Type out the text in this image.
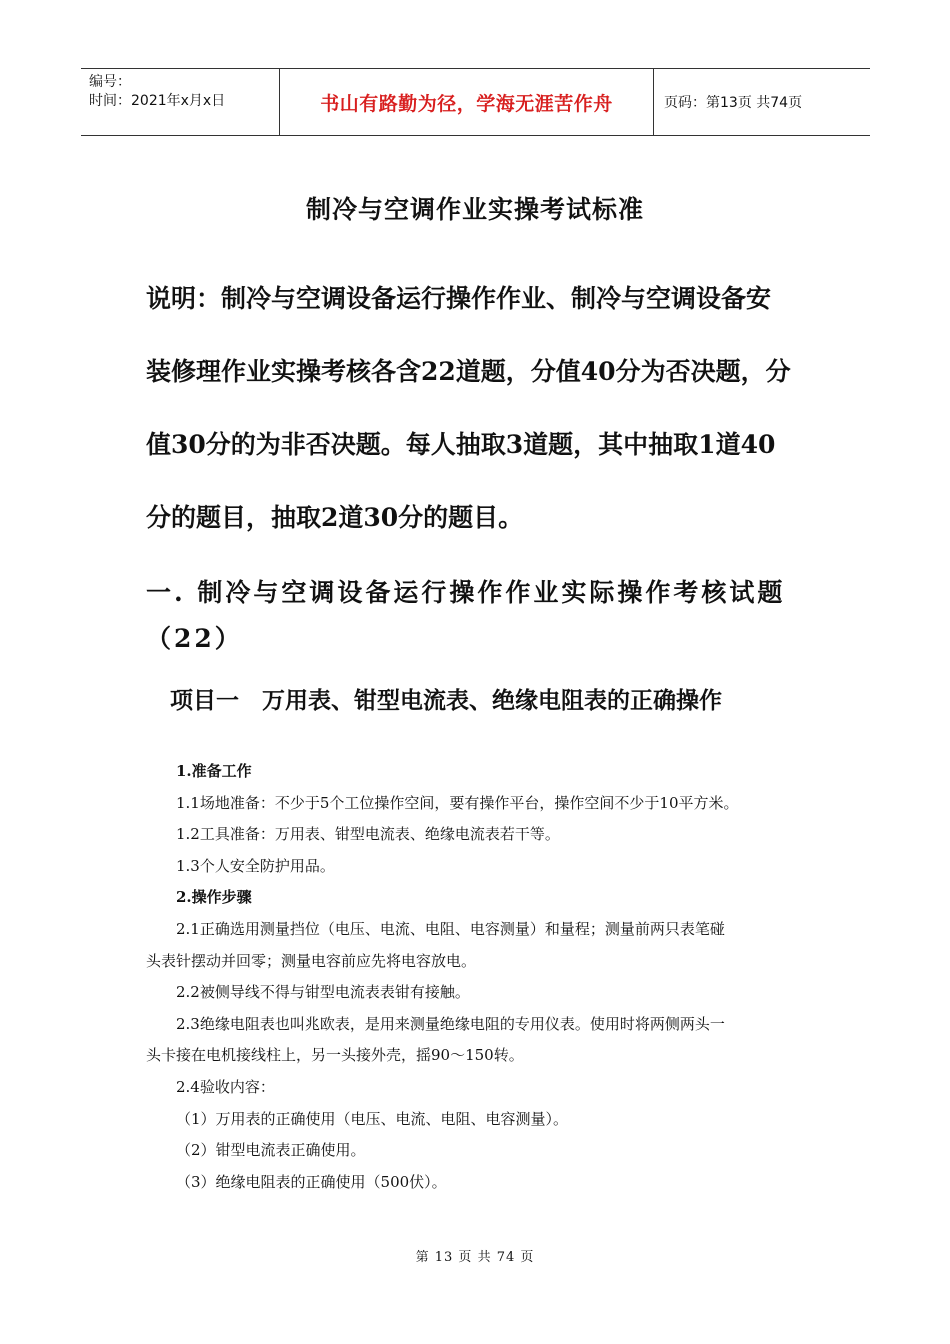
编号：
时间：2021年x月x日	书山有路勤为径，学海无涯苦作舟	页码：第13页 共74页
制冷与空调作业实操考试标准
说明：制冷与空调设备运行操作作业、制冷与空调设备安
装修理作业实操考核各含22道题，分值40分为否决题，分
值30分的为非否决题。每人抽取3道题，其中抽取1道40
分的题目，抽取2道30分的题目。
一. 制冷与空调设备运行操作作业实际操作考核试题
（22）
项目一　万用表、钳型电流表、绝缘电阻表的正确操作
1.准备工作
1.1场地准备：不少于5个工位操作空间，要有操作平台，操作空间不少于10平方米。
1.2工具准备：万用表、钳型电流表、绝缘电流表若干等。
1.3个人安全防护用品。
2.操作步骤
2.1正确选用测量挡位（电压、电流、电阻、电容测量）和量程；测量前两只表笔碰
头表针摆动并回零；测量电容前应先将电容放电。
2.2被侧导线不得与钳型电流表表钳有接触。
2.3绝缘电阻表也叫兆欧表，是用来测量绝缘电阻的专用仪表。使用时将两侧两头一
头卡接在电机接线柱上，另一头接外壳，摇90～150转。
2.4验收内容：
（1）万用表的正确使用（电压、电流、电阻、电容测量）。
（2）钳型电流表正确使用。
（3）绝缘电阻表的正确使用（500伏）。
第 13 页 共 74 页
